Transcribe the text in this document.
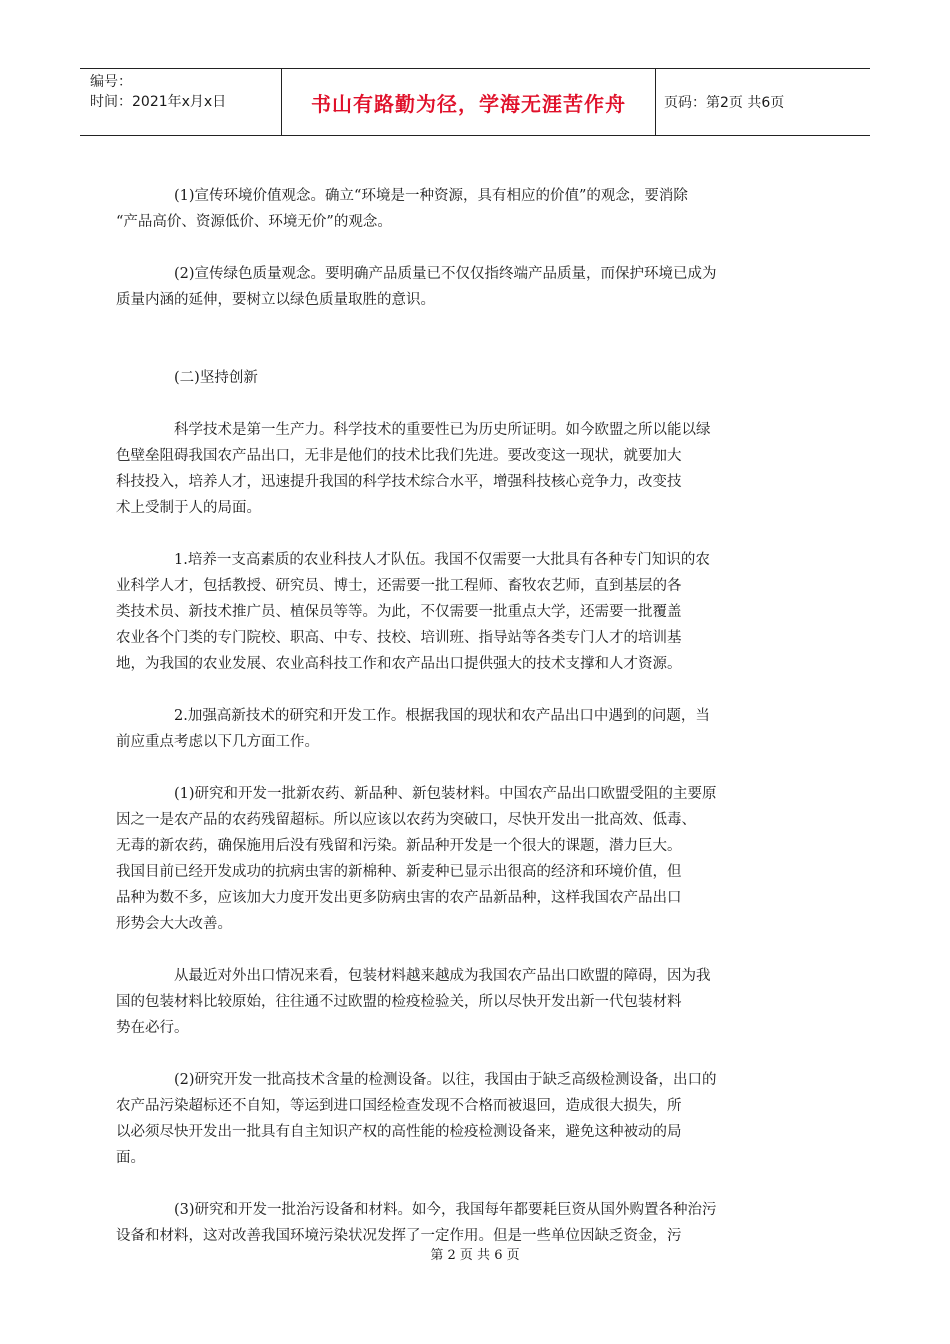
编号：
时间：2021年x月x日	书山有路勤为径，学海无涯苦作舟	页码：第2页 共6页

(1)宣传环境价值观念。确立“环境是一种资源，具有相应的价值”的观念，要消除
“产品高价、资源低价、环境无价”的观念。

(2)宣传绿色质量观念。要明确产品质量已不仅仅指终端产品质量，而保护环境已成为
质量内涵的延伸，要树立以绿色质量取胜的意识。

(二)坚持创新

科学技术是第一生产力。科学技术的重要性已为历史所证明。如今欧盟之所以能以绿
色壁垒阻碍我国农产品出口，无非是他们的技术比我们先进。要改变这一现状，就要加大
科技投入，培养人才，迅速提升我国的科学技术综合水平，增强科技核心竞争力，改变技
术上受制于人的局面。

1.培养一支高素质的农业科技人才队伍。我国不仅需要一大批具有各种专门知识的农
业科学人才，包括教授、研究员、博士，还需要一批工程师、畜牧农艺师，直到基层的各
类技术员、新技术推广员、植保员等等。为此，不仅需要一批重点大学，还需要一批覆盖
农业各个门类的专门院校、职高、中专、技校、培训班、指导站等各类专门人才的培训基
地，为我国的农业发展、农业高科技工作和农产品出口提供强大的技术支撑和人才资源。

2.加强高新技术的研究和开发工作。根据我国的现状和农产品出口中遇到的问题，当
前应重点考虑以下几方面工作。

(1)研究和开发一批新农药、新品种、新包装材料。中国农产品出口欧盟受阻的主要原
因之一是农产品的农药残留超标。所以应该以农药为突破口，尽快开发出一批高效、低毒、
无毒的新农药，确保施用后没有残留和污染。新品种开发是一个很大的课题，潜力巨大。
我国目前已经开发成功的抗病虫害的新棉种、新麦种已显示出很高的经济和环境价值，但
品种为数不多，应该加大力度开发出更多防病虫害的农产品新品种，这样我国农产品出口
形势会大大改善。

从最近对外出口情况来看，包装材料越来越成为我国农产品出口欧盟的障碍，因为我
国的包装材料比较原始，往往通不过欧盟的检疫检验关，所以尽快开发出新一代包装材料
势在必行。

(2)研究开发一批高技术含量的检测设备。以往，我国由于缺乏高级检测设备，出口的
农产品污染超标还不自知，等运到进口国经检查发现不合格而被退回，造成很大损失，所
以必须尽快开发出一批具有自主知识产权的高性能的检疫检测设备来，避免这种被动的局
面。

(3)研究和开发一批治污设备和材料。如今，我国每年都要耗巨资从国外购置各种治污
设备和材料，这对改善我国环境污染状况发挥了一定作用。但是一些单位因缺乏资金，污

第 2 页 共 6 页
